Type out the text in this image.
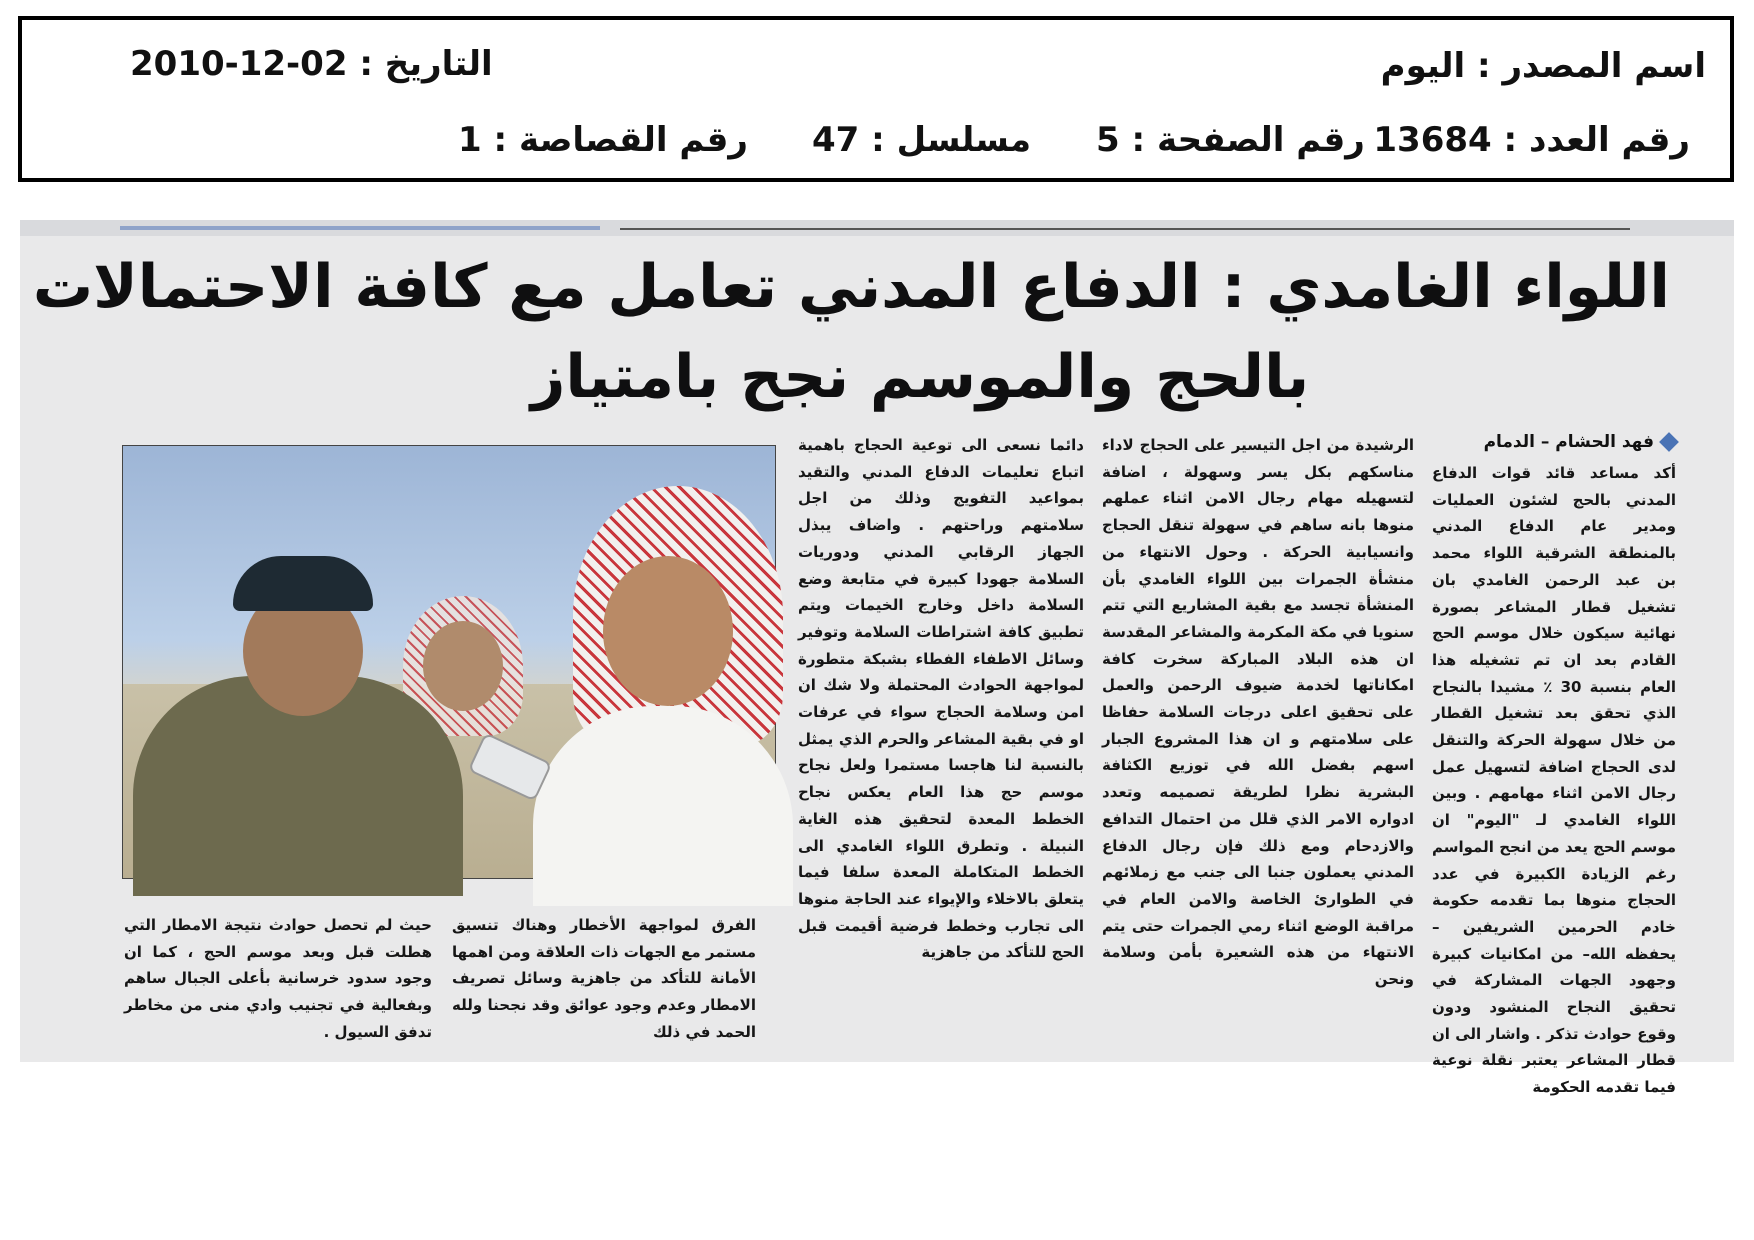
اسم المصدر : اليوم
التاريخ : 2010-12-02
رقم العدد : 13684
رقم الصفحة : 5
مسلسل : 47
رقم القصاصة : 1
اللواء الغامدي : الدفاع المدني تعامل مع كافة الاحتمالات
بالحج والموسم نجح بامتياز
فهد الحشام – الدمام
أكد مساعد قائد قوات الدفاع المدني بالحج لشئون العمليات ومدير عام الدفاع المدني بالمنطقة الشرقية اللواء محمد بن عبد الرحمن الغامدي بان تشغيل قطار المشاعر بصورة نهائية سيكون خلال موسم الحج القادم بعد ان تم تشغيله هذا العام بنسبة 30 ٪ مشيدا بالنجاح الذي تحقق بعد تشغيل القطار من خلال سهولة الحركة والتنقل لدى الحجاج اضافة لتسهيل عمل رجال الامن اثناء مهامهم . وبين اللواء الغامدي لـ "اليوم" ان موسم الحج يعد من انجح المواسم رغم الزيادة الكبيرة في عدد الحجاج منوها بما تقدمه حكومة خادم الحرمين الشريفين – يحفظه الله– من امكانيات كبيرة وجهود الجهات المشاركة في تحقيق النجاح المنشود ودون وقوع حوادث تذكر . واشار الى ان قطار المشاعر يعتبر نقلة نوعية فيما تقدمه الحكومة
الرشيدة من اجل التيسير على الحجاج لاداء مناسكهم بكل يسر وسهولة ، اضافة لتسهيله مهام رجال الامن اثناء عملهم منوها بانه ساهم في سهولة تنقل الحجاج وانسيابية الحركة . وحول الانتهاء من منشأة الجمرات بين اللواء الغامدي بأن المنشأة تجسد مع بقية المشاريع التي تتم سنويا في مكة المكرمة والمشاعر المقدسة ان هذه البلاد المباركة سخرت كافة امكاناتها لخدمة ضيوف الرحمن والعمل على تحقيق اعلى درجات السلامة حفاظا على سلامتهم و ان هذا المشروع الجبار اسهم بفضل الله في توزيع الكثافة البشرية نظرا لطريقة تصميمه وتعدد ادواره الامر الذي قلل من احتمال التدافع والازدحام ومع ذلك فإن رجال الدفاع المدني يعملون جنبا الى جنب مع زملائهم في الطوارئ الخاصة والامن العام في مراقبة الوضع اثناء رمي الجمرات حتى يتم الانتهاء من هذه الشعيرة بأمن وسلامة ونحن
دائما نسعى الى توعية الحجاج باهمية اتباع تعليمات الدفاع المدني والتقيد بمواعيد التفويج وذلك من اجل سلامتهم وراحتهم . واضاف يبذل الجهاز الرقابي المدني ودوريات السلامة جهودا كبيرة في متابعة وضع السلامة داخل وخارج الخيمات ويتم تطبيق كافة اشتراطات السلامة وتوفير وسائل الاطفاء الفطاء بشبكة متطورة لمواجهة الحوادث المحتملة ولا شك ان امن وسلامة الحجاج سواء في عرفات او في بقية المشاعر والحرم الذي يمثل بالنسبة لنا هاجسا مستمرا ولعل نجاح موسم حج هذا العام يعكس نجاح الخطط المعدة لتحقيق هذه الغاية النبيلة . وتطرق اللواء الغامدي الى الخطط المتكاملة المعدة سلفا فيما يتعلق بالاخلاء والإيواء عند الحاجة منوها الى تجارب وخطط فرضية أقيمت قبل الحج للتأكد من جاهزية
الفرق لمواجهة الأخطار وهناك تنسيق مستمر مع الجهات ذات العلاقة ومن اهمها الأمانة للتأكد من جاهزية وسائل تصريف الامطار وعدم وجود عوائق وقد نجحنا ولله الحمد في ذلك
حيث لم تحصل حوادث نتيجة الامطار التي هطلت قبل وبعد موسم الحج ، كما ان وجود سدود خرسانية بأعلى الجبال ساهم وبفعالية في تجنيب وادي منى من مخاطر تدفق السيول .
